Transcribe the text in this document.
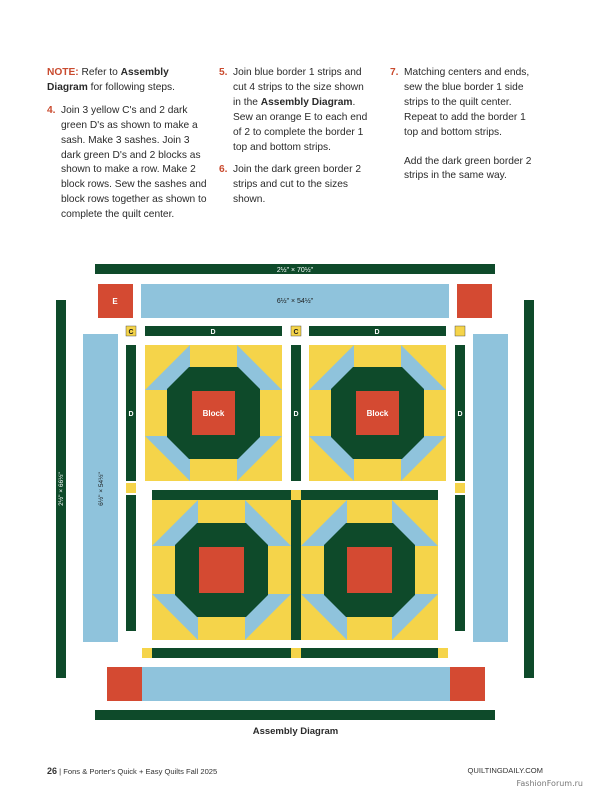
NOTE: Refer to Assembly Diagram for following steps.

4. Join 3 yellow C's and 2 dark green D's as shown to make a sash. Make 3 sashes. Join 3 dark green D's and 2 blocks as shown to make a row. Make 2 block rows. Sew the sashes and block rows together as shown to complete the quilt center.
5. Join blue border 1 strips and cut 4 strips to the size shown in the Assembly Diagram. Sew an orange E to each end of 2 to complete the border 1 top and bottom strips.
6. Join the dark green border 2 strips and cut to the sizes shown.
7. Matching centers and ends, sew the blue border 1 side strips to the quilt center. Repeat to add the border 1 top and bottom strips.
Add the dark green border 2 strips in the same way.
2½" × 70½"
2½" × 66½"
E	6½" × 54½"
6½" × 54½"
C	D	C	D
D	D	D
Block	Block
Assembly Diagram
26 | Fons & Porter's Quick + Easy Quilts Fall 2025	QUILTINGDAILY.COM
FashionForum.ru
